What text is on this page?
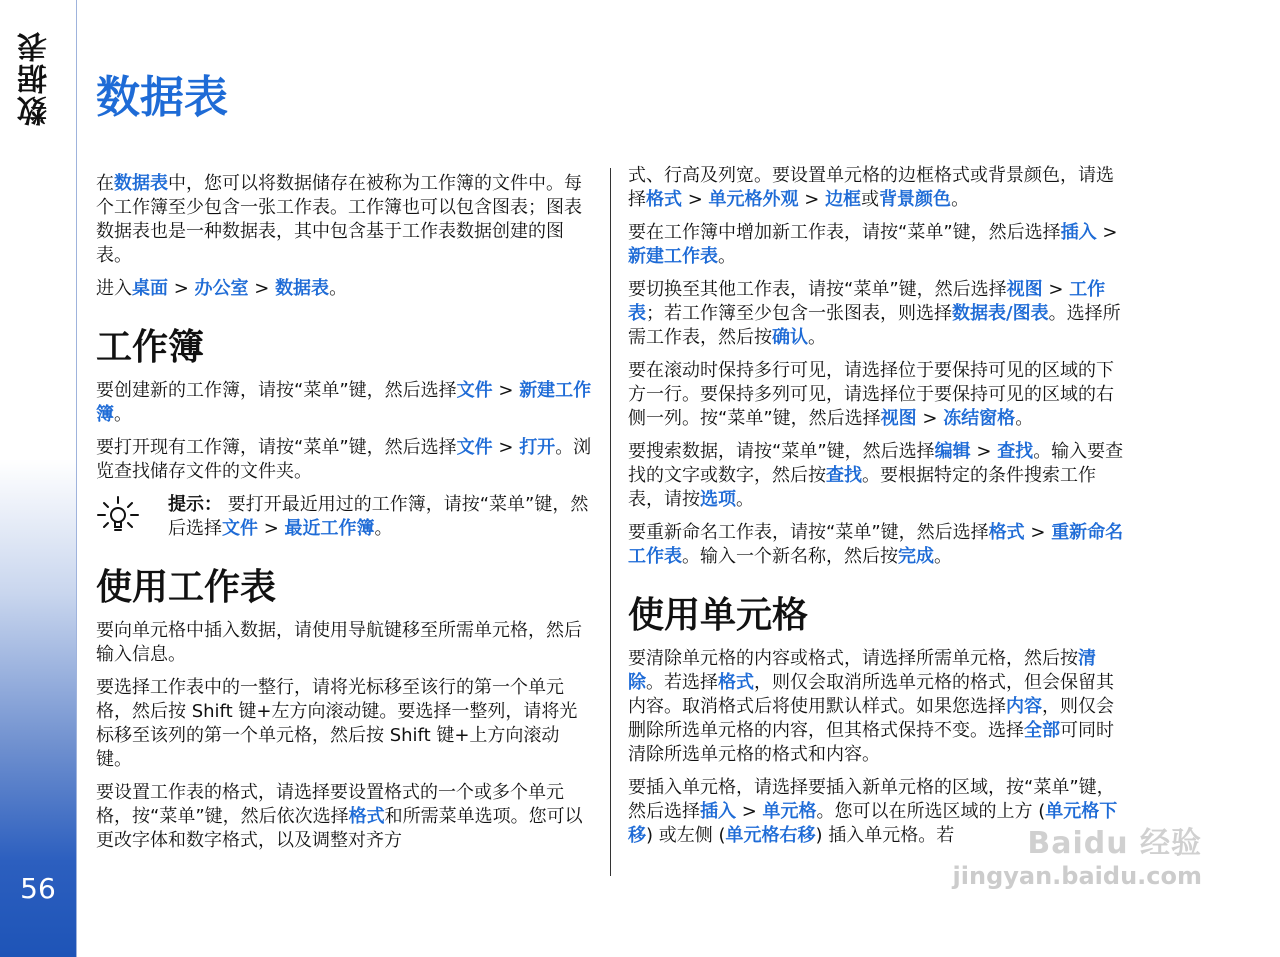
数据表
56
数据表

在数据表中，您可以将数据储存在被称为工作簿的文件中。每个工作簿至少包含一张工作表。工作簿也可以包含图表；图表数据表也是一种数据表，其中包含基于工作表数据创建的图表。

进入桌面 > 办公室 > 数据表。

工作簿

要创建新的工作簿，请按“菜单”键，然后选择文件 > 新建工作簿。

要打开现有工作簿，请按“菜单”键，然后选择文件 > 打开。浏览查找储存文件的文件夹。

提示： 要打开最近用过的工作簿，请按“菜单”键，然后选择文件 > 最近工作簿。

使用工作表

要向单元格中插入数据，请使用导航键移至所需单元格，然后输入信息。

要选择工作表中的一整行，请将光标移至该行的第一个单元格，然后按 Shift 键+左方向滚动键。要选择一整列，请将光标移至该列的第一个单元格，然后按 Shift 键+上方向滚动键。

要设置工作表的格式，请选择要设置格式的一个或多个单元格，按“菜单”键，然后依次选择格式和所需菜单选项。您可以更改字体和数字格式，以及调整对齐方

式、行高及列宽。要设置单元格的边框格式或背景颜色，请选择格式 > 单元格外观 > 边框或背景颜色。

要在工作簿中增加新工作表，请按“菜单”键，然后选择插入 > 新建工作表。

要切换至其他工作表，请按“菜单”键，然后选择视图 > 工作表；若工作簿至少包含一张图表，则选择数据表/图表。选择所需工作表，然后按确认。

要在滚动时保持多行可见，请选择位于要保持可见的区域的下方一行。要保持多列可见，请选择位于要保持可见的区域的右侧一列。按“菜单”键，然后选择视图 > 冻结窗格。

要搜索数据，请按“菜单”键，然后选择编辑 > 查找。输入要查找的文字或数字，然后按查找。要根据特定的条件搜索工作表，请按选项。

要重新命名工作表，请按“菜单”键，然后选择格式 > 重新命名工作表。输入一个新名称，然后按完成。

使用单元格

要清除单元格的内容或格式，请选择所需单元格，然后按清除。若选择格式，则仅会取消所选单元格的格式，但会保留其内容。取消格式后将使用默认样式。如果您选择内容，则仅会删除所选单元格的内容，但其格式保持不变。选择全部可同时清除所选单元格的格式和内容。

要插入单元格，请选择要插入新单元格的区域，按“菜单”键，然后选择插入 > 单元格。您可以在所选区域的上方 (单元格下移) 或左侧 (单元格右移) 插入单元格。若	Baidu 经验
jingyan.baidu.com
